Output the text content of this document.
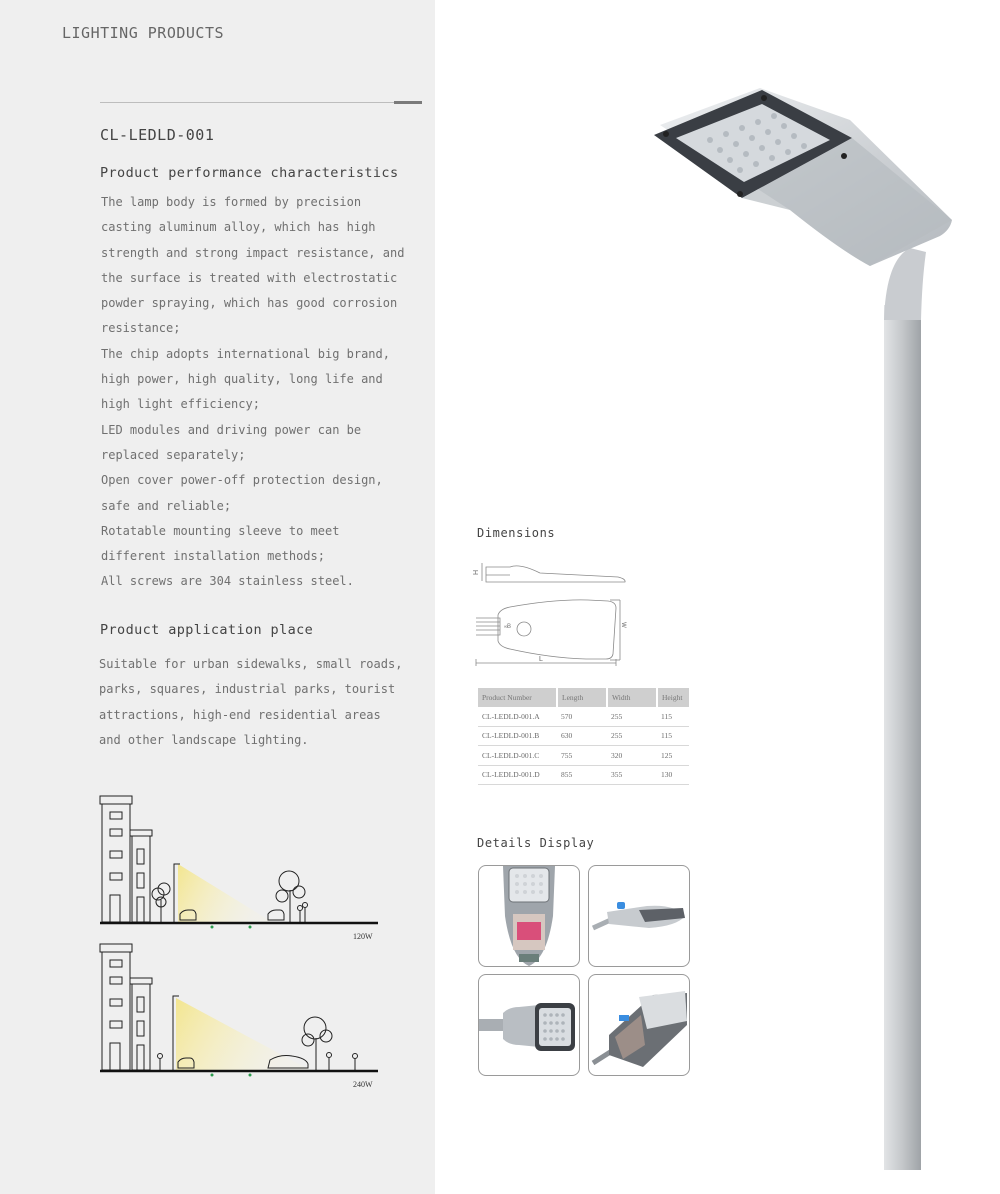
LIGHTING PRODUCTS
CL-LEDLD-001
Product performance characteristics
The lamp body is formed by precision casting aluminum alloy, which has high strength and strong impact resistance, and the surface is treated with electrostatic powder spraying, which has good corrosion resistance;
The chip adopts international big brand, high power, high quality, long life and high light efficiency;
LED modules and driving power can be replaced separately;
Open cover power-off protection design, safe and reliable;
Rotatable mounting sleeve to meet different installation methods;
All screws are 304 stainless steel.
Product application place
Suitable for urban sidewalks, small roads, parks, squares, industrial parks, tourist attractions, high-end residential areas and other landscape lighting.
120W
240W
Dimensions
∞ B
H
W
L
Product Number	Length	Width	Height
CL-LEDLD-001.A	570	255	115
CL-LEDLD-001.B	630	255	115
CL-LEDLD-001.C	755	320	125
CL-LEDLD-001.D	855	355	130
Details Display
